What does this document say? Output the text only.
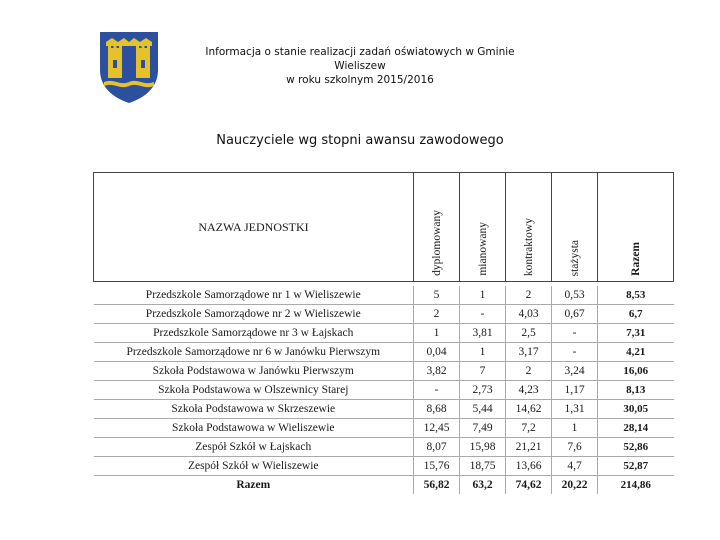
Informacja o stanie realizacji zadań oświatowych w Gminie Wieliszew
w roku szkolnym 2015/2016
Nauczyciele wg stopni awansu zawodowego
NAZWA JEDNOSTKI	dyplomowany	mianowany	kontraktowy	stażysta	Razem

Przedszkole Samorządowe nr 1 w Wieliszewie	5	1	2	0,53	8,53
Przedszkole Samorządowe nr 2 w Wieliszewie	2	-	4,03	0,67	6,7
Przedszkole Samorządowe nr 3 w Łajskach	1	3,81	2,5	-	7,31
Przedszkole Samorządowe nr 6 w Janówku Pierwszym	0,04	1	3,17	-	4,21
Szkoła Podstawowa w Janówku Pierwszym	3,82	7	2	3,24	16,06
Szkoła Podstawowa w Olszewnicy Starej	-	2,73	4,23	1,17	8,13
Szkoła Podstawowa w Skrzeszewie	8,68	5,44	14,62	1,31	30,05
Szkoła Podstawowa w Wieliszewie	12,45	7,49	7,2	1	28,14
Zespół Szkół w Łajskach	8,07	15,98	21,21	7,6	52,86
Zespół Szkół w Wieliszewie	15,76	18,75	13,66	4,7	52,87
Razem	56,82	63,2	74,62	20,22	214,86
